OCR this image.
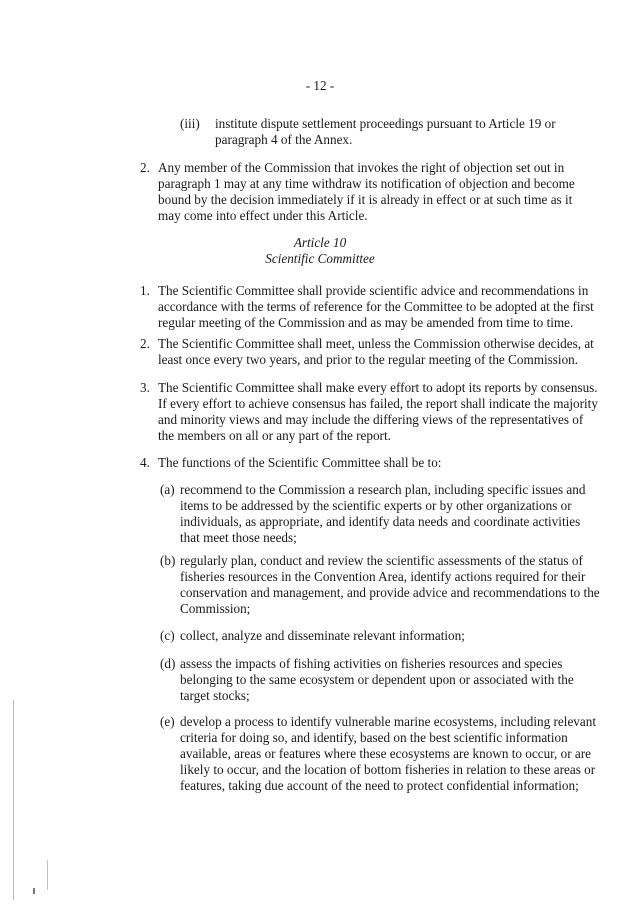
- 12 -
(iii)	institute dispute settlement proceedings pursuant to Article 19 or paragraph 4 of the Annex.
2. Any member of the Commission that invokes the right of objection set out in paragraph 1 may at any time withdraw its notification of objection and become bound by the decision immediately if it is already in effect or at such time as it may come into effect under this Article.
Article 10
Scientific Committee
1. The Scientific Committee shall provide scientific advice and recommendations in accordance with the terms of reference for the Committee to be adopted at the first regular meeting of the Commission and as may be amended from time to time.
2. The Scientific Committee shall meet, unless the Commission otherwise decides, at least once every two years, and prior to the regular meeting of the Commission.
3. The Scientific Committee shall make every effort to adopt its reports by consensus. If every effort to achieve consensus has failed, the report shall indicate the majority and minority views and may include the differing views of the representatives of the members on all or any part of the report.
4. The functions of the Scientific Committee shall be to:
(a) recommend to the Commission a research plan, including specific issues and items to be addressed by the scientific experts or by other organizations or individuals, as appropriate, and identify data needs and coordinate activities that meet those needs;
(b) regularly plan, conduct and review the scientific assessments of the status of fisheries resources in the Convention Area, identify actions required for their conservation and management, and provide advice and recommendations to the Commission;
(c) collect, analyze and disseminate relevant information;
(d) assess the impacts of fishing activities on fisheries resources and species belonging to the same ecosystem or dependent upon or associated with the target stocks;
(e) develop a process to identify vulnerable marine ecosystems, including relevant criteria for doing so, and identify, based on the best scientific information available, areas or features where these ecosystems are known to occur, or are likely to occur, and the location of bottom fisheries in relation to these areas or features, taking due account of the need to protect confidential information;
